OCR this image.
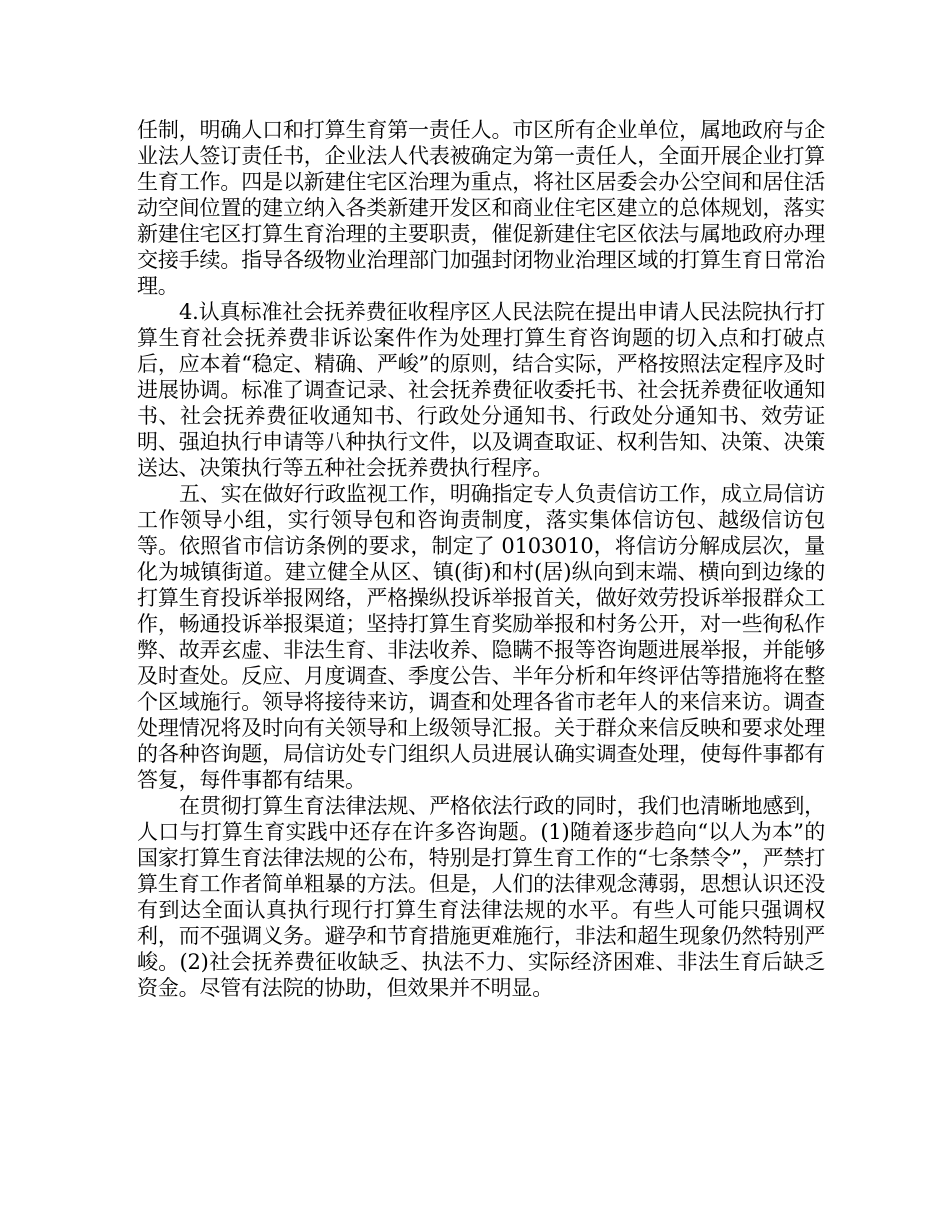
任制，明确人口和打算生育第一责任人。市区所有企业单位，属地政府与企业法人签订责任书，企业法人代表被确定为第一责任人，全面开展企业打算生育工作。四是以新建住宅区治理为重点，将社区居委会办公空间和居住活动空间位置的建立纳入各类新建开发区和商业住宅区建立的总体规划，落实新建住宅区打算生育治理的主要职责，催促新建住宅区依法与属地政府办理交接手续。指导各级物业治理部门加强封闭物业治理区域的打算生育日常治理。

4.认真标准社会抚养费征收程序区人民法院在提出申请人民法院执行打算生育社会抚养费非诉讼案件作为处理打算生育咨询题的切入点和打破点后，应本着“稳定、精确、严峻”的原则，结合实际，严格按照法定程序及时进展协调。标准了调查记录、社会抚养费征收委托书、社会抚养费征收通知书、社会抚养费征收通知书、行政处分通知书、行政处分通知书、效劳证明、强迫执行申请等八种执行文件，以及调查取证、权利告知、决策、决策送达、决策执行等五种社会抚养费执行程序。

五、实在做好行政监视工作，明确指定专人负责信访工作，成立局信访工作领导小组，实行领导包和咨询责制度，落实集体信访包、越级信访包等。依照省市信访条例的要求，制定了 0103010，将信访分解成层次，量化为城镇街道。建立健全从区、镇(街)和村(居)纵向到末端、横向到边缘的打算生育投诉举报网络，严格操纵投诉举报首关，做好效劳投诉举报群众工作，畅通投诉举报渠道；坚持打算生育奖励举报和村务公开，对一些徇私作弊、故弄玄虚、非法生育、非法收养、隐瞒不报等咨询题进展举报，并能够及时查处。反应、月度调查、季度公告、半年分析和年终评估等措施将在整个区域施行。领导将接待来访，调查和处理各省市老年人的来信来访。调查处理情况将及时向有关领导和上级领导汇报。关于群众来信反映和要求处理的各种咨询题，局信访处专门组织人员进展认确实调查处理，使每件事都有答复，每件事都有结果。

在贯彻打算生育法律法规、严格依法行政的同时，我们也清晰地感到，人口与打算生育实践中还存在许多咨询题。(1)随着逐步趋向“以人为本”的国家打算生育法律法规的公布，特别是打算生育工作的“七条禁令”，严禁打算生育工作者简单粗暴的方法。但是，人们的法律观念薄弱，思想认识还没有到达全面认真执行现行打算生育法律法规的水平。有些人可能只强调权利，而不强调义务。避孕和节育措施更难施行，非法和超生现象仍然特别严峻。(2)社会抚养费征收缺乏、执法不力、实际经济困难、非法生育后缺乏资金。尽管有法院的协助，但效果并不明显。
